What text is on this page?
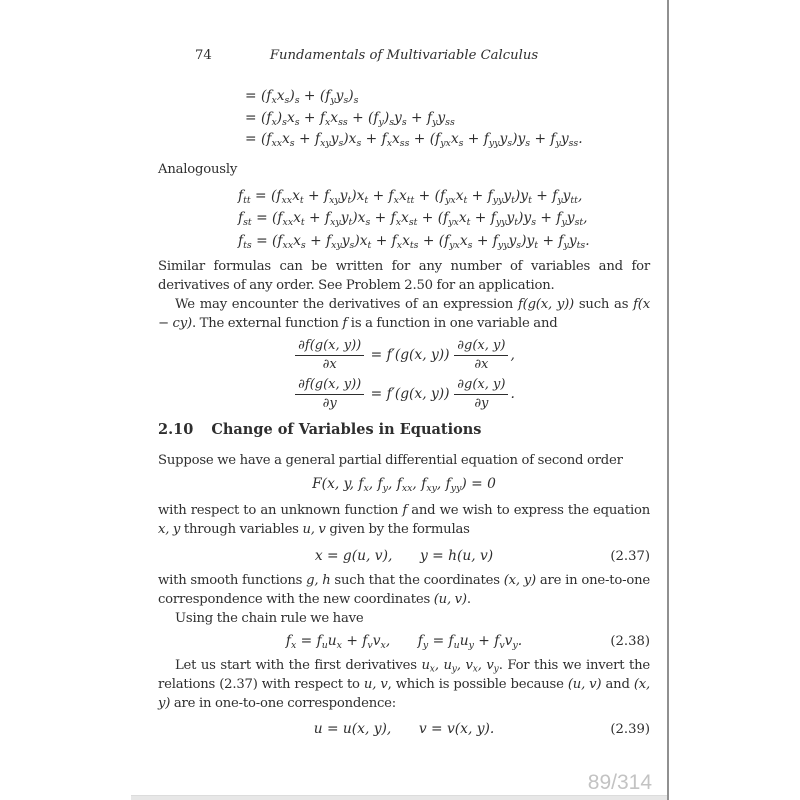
74	Fundamentals of Multivariable Calculus
= $(f_xx_s)_s + (f_yy_s)_s$
= $(f_x)_sx_s + f_xx_{ss} + (f_y)_sy_s + f_yy_{ss}$
= $(f_{xx}x_s + f_{xy}y_s)x_s + f_xx_{ss} + (f_{yx}x_s + f_{yy}y_s)y_s + f_yy_{ss}$.

Analogously

$f_{tt} = (f_{xx}x_t + f_{xy}y_t)x_t + f_xx_{tt} + (f_{yx}x_t + f_{yy}y_t)y_t + f_yy_{tt}$,
$f_{st} = (f_{xx}x_t + f_{xy}y_t)x_s + f_xx_{st} + (f_{yx}x_t + f_{yy}y_t)y_s + f_yy_{st}$,
$f_{ts} = (f_{xx}x_s + f_{xy}y_s)x_t + f_xx_{ts} + (f_{yx}x_s + f_{yy}y_s)y_t + f_yy_{ts}$.

Similar formulas can be written for any number of variables and for derivatives of any order. See Problem 2.50 for an application.

We may encounter the derivatives of an expression f(g(x, y)) such as f(x − cy). The external function f is a function in one variable and

$\frac{\partial f(g(x, y))}{\partial x} = f'(g(x$, $y)) \frac{\partial g(x, y)}{\partial x}$ ,
$\frac{\partial f(g(x, y))}{\partial y} = f'(g(x$, $y)) \frac{\partial g(x, y)}{\partial y}$ .
2.10 Change of Variables in Equations

Suppose we have a general partial differential equation of second order

F(x, y, $f_x$, $f_y$, $f_{xx}$, $f_{xy}$, $f_{yy}) = 0$

with respect to an unknown function f and we wish to express the equation x, y through variables u, v given by the formulas

x = g(u, v),  y = h(u, v)	(2.37)

with smooth functions g, h such that the coordinates (x, y) are in one-to-one correspondence with the new coordinates (u, v).

Using the chain rule we have

$f_x = f_uu_x + f_vv_x$,  $f_y = f_uu_y + f_vv_y$.	(2.38)

Let us start with the first derivatives $u_x$, $u_y$, $v_x$, $v_y$. For this we invert the relations (2.37) with respect to u, v, which is possible because (u, v) and (x, y) are in one-to-one correspondence:

u = u(x, y),  v = v(x, y).	(2.39)
89/314
